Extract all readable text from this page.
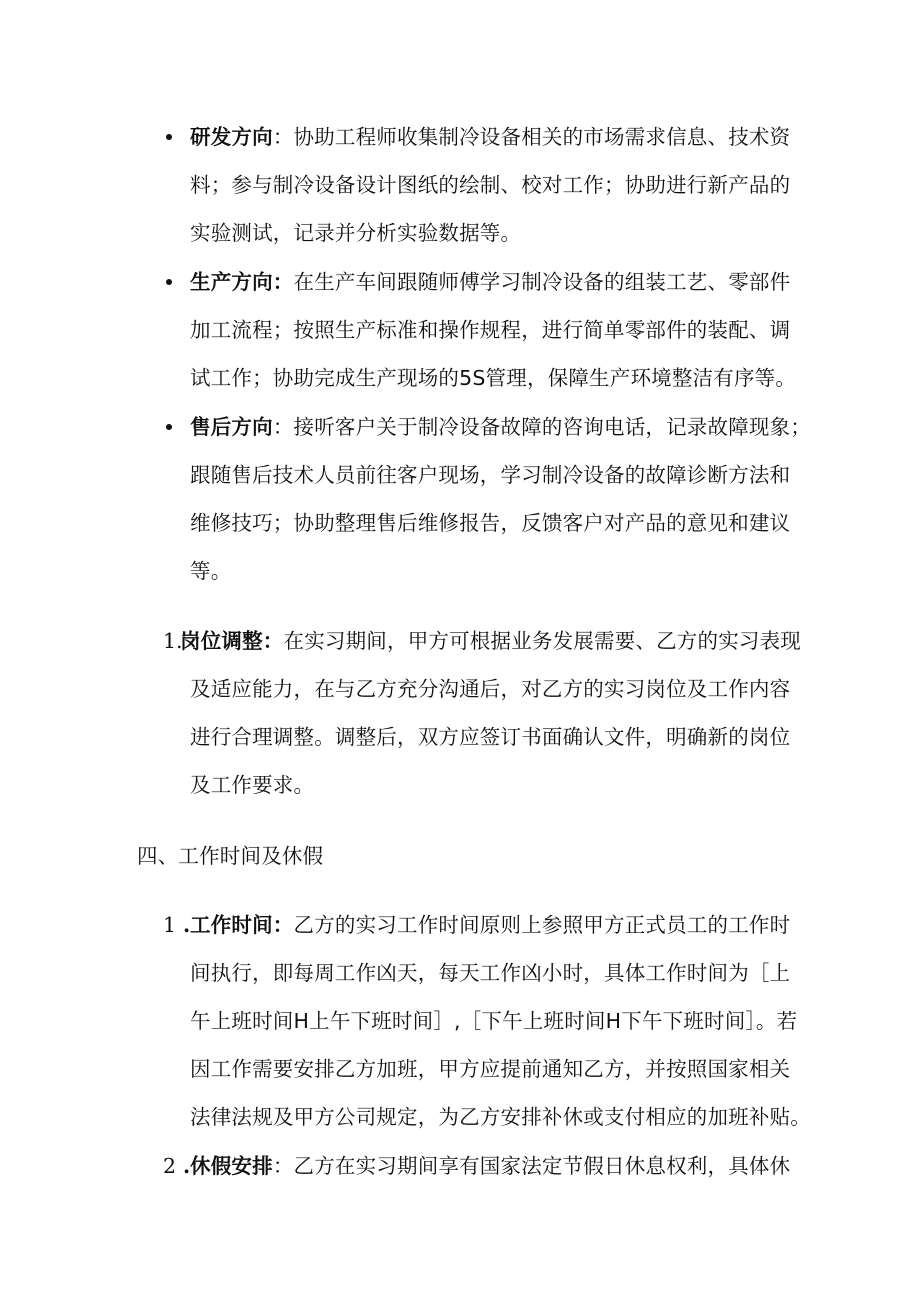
研发方向：协助工程师收集制冷设备相关的市场需求信息、技术资
料；参与制冷设备设计图纸的绘制、校对工作；协助进行新产品的
实验测试，记录并分析实验数据等。
生产方向：在生产车间跟随师傅学习制冷设备的组装工艺、零部件
加工流程；按照生产标准和操作规程，进行简单零部件的装配、调
试工作；协助完成生产现场的5S管理，保障生产环境整洁有序等。
售后方向：接听客户关于制冷设备故障的咨询电话，记录故障现象；
跟随售后技术人员前往客户现场，学习制冷设备的故障诊断方法和
维修技巧；协助整理售后维修报告，反馈客户对产品的意见和建议
等。
1.
岗位调整：在实习期间，甲方可根据业务发展需要、乙方的实习表现
及适应能力，在与乙方充分沟通后，对乙方的实习岗位及工作内容
进行合理调整。调整后，双方应签订书面确认文件，明确新的岗位
及工作要求。
四、工作时间及休假
1 . 工作时间：乙方的实习工作时间原则上参照甲方正式员工的工作时
间执行，即每周工作凶天，每天工作凶小时，具体工作时间为［上
午上班时间H上午下班时间］,［下午上班时间H下午下班时间］。若
因工作需要安排乙方加班，甲方应提前通知乙方，并按照国家相关
法律法规及甲方公司规定，为乙方安排补休或支付相应的加班补贴。
2 . 休假安排：乙方在实习期间享有国家法定节假日休息权利，具体休
